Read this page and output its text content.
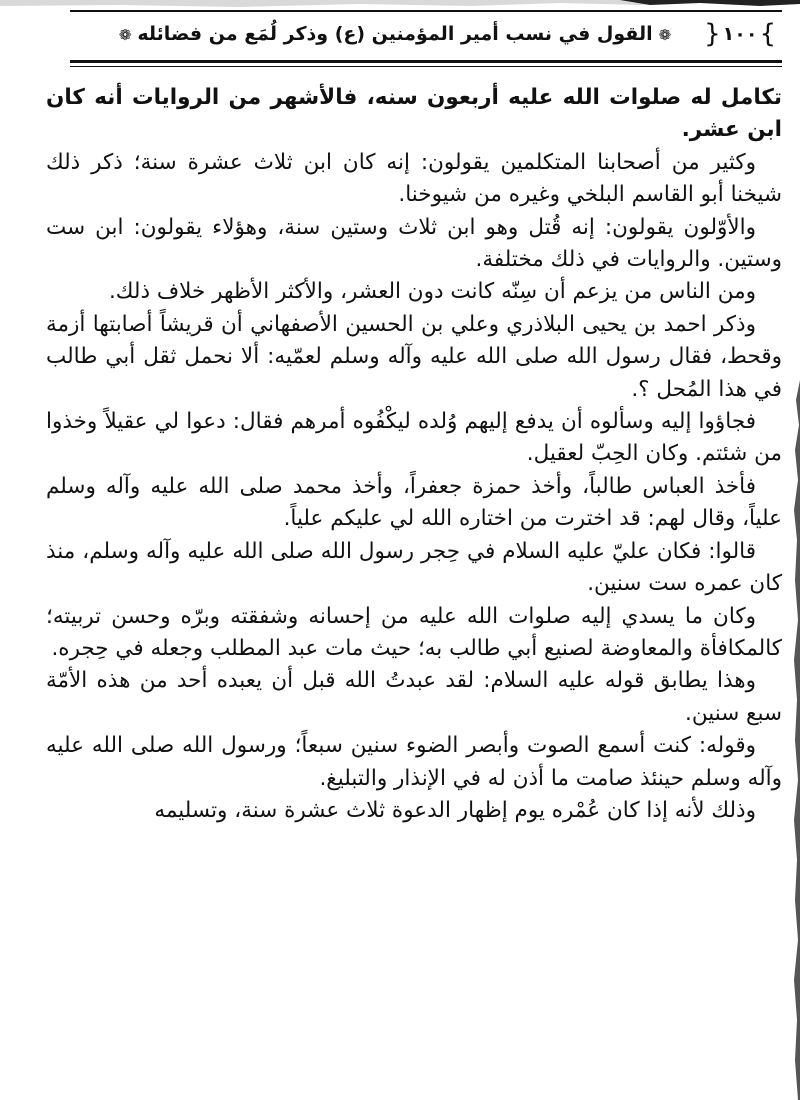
}
١٠٠
{
❁القول في نسب أمير المؤمنين (ع) وذكر لُمَع من فضائله❁

تكامل له صلوات الله عليه أربعون سنه، فالأشهر من الروايات أنه كان ابن عشر.

وكثير من أصحابنا المتكلمين يقولون: إنه كان ابن ثلاث عشرة سنة؛ ذكر ذلك شيخنا أبو القاسم البلخي وغيره من شيوخنا.

والأوّلون يقولون: إنه قُتل وهو ابن ثلاث وستين سنة، وهؤلاء يقولون: ابن ست وستين. والروايات في ذلك مختلفة.

ومن الناس من يزعم أن سِنّه كانت دون العشر، والأكثر الأظهر خلاف ذلك.

وذكر احمد بن يحيى البلاذري وعلي بن الحسين الأصفهاني أن قريشاً أصابتها أزمة وقحط، فقال رسول الله صلى الله عليه وآله وسلم لعمّيه: ألا نحمل ثقل أبي طالب في هذا المُحل ؟.

فجاؤوا إليه وسألوه أن يدفع إليهم وُلده ليكْفُوه أمرهم فقال: دعوا لي عقيلاً وخذوا من شئتم. وكان الحِبّ لعقيل.

فأخذ العباس طالباً، وأخذ حمزة جعفراً، وأخذ محمد صلى الله عليه وآله وسلم علياً، وقال لهم: قد اخترت من اختاره الله لي عليكم علياً.

قالوا: فكان عليّ عليه السلام في حِجر رسول الله صلى الله عليه وآله وسلم، منذ كان عمره ست سنين.

وكان ما يسدي إليه صلوات الله عليه من إحسانه وشفقته وبرّه وحسن تربيته؛ كالمكافأة والمعاوضة لصنيع أبي طالب به؛ حيث مات عبد المطلب وجعله في حِجره.

وهذا يطابق قوله عليه السلام: لقد عبدتُ الله قبل أن يعبده أحد من هذه الأمّة سبع سنين.

وقوله: كنت أسمع الصوت وأبصر الضوء سنين سبعاً؛ ورسول الله صلى الله عليه وآله وسلم حينئذ صامت ما أذن له في الإنذار والتبليغ.

وذلك لأنه إذا كان عُمْره يوم إظهار الدعوة ثلاث عشرة سنة، وتسليمه
